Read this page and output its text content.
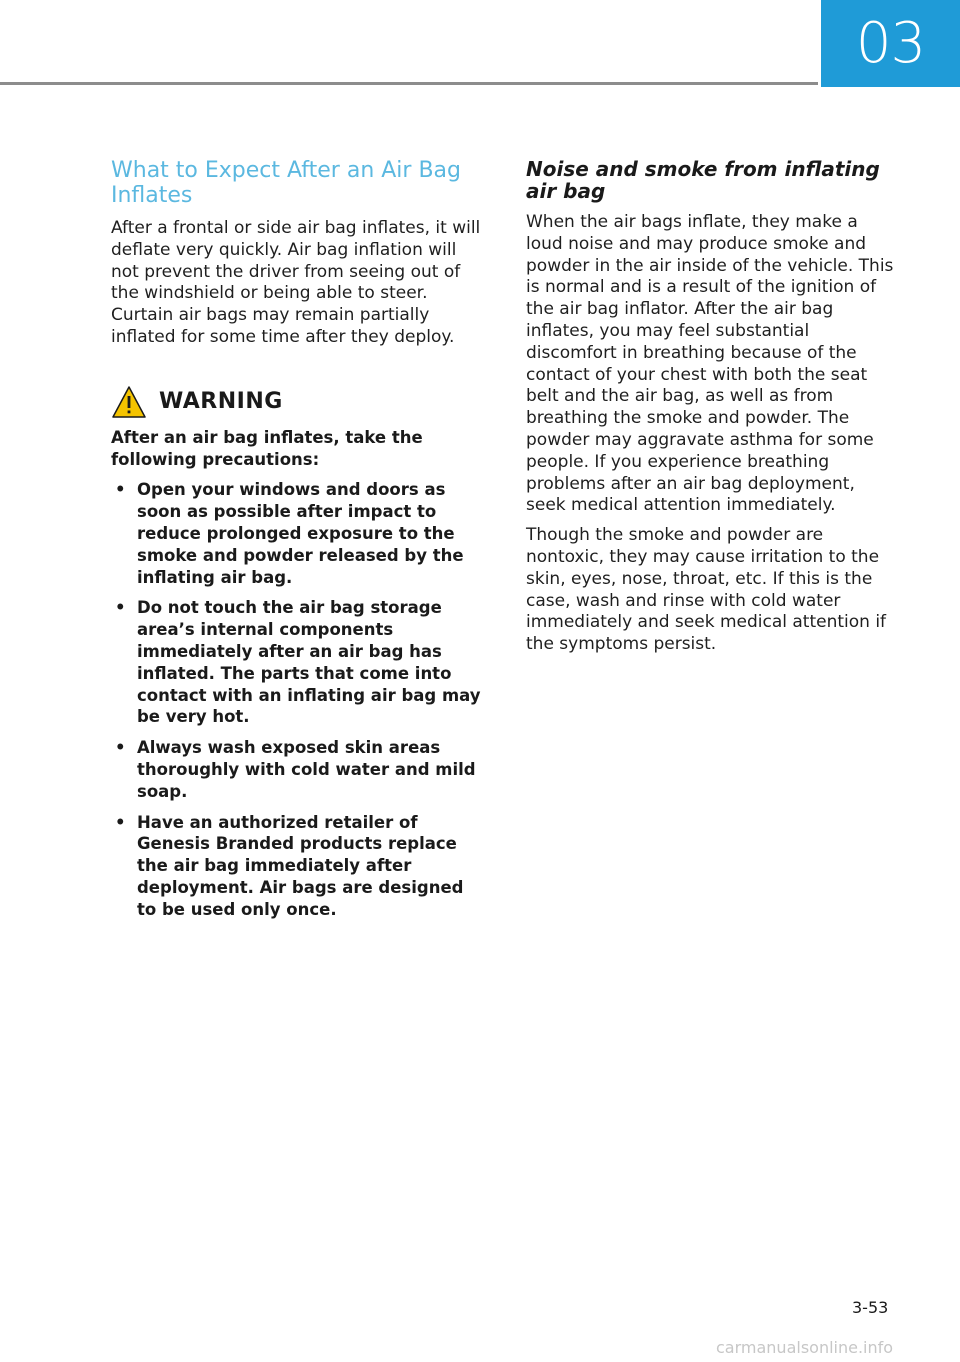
03
What to Expect After an Air Bag Inflates

After a frontal or side air bag inflates, it will deflate very quickly. Air bag inflation will not prevent the driver from seeing out of the windshield or being able to steer. Curtain air bags may remain partially inflated for some time after they deploy.

WARNING

After an air bag inflates, take the following precautions:

• Open your windows and doors as soon as possible after impact to reduce prolonged exposure to the smoke and powder released by the inflating air bag.
• Do not touch the air bag storage area’s internal components immediately after an air bag has inflated. The parts that come into contact with an inflating air bag may be very hot.
• Always wash exposed skin areas thoroughly with cold water and mild soap.
• Have an authorized retailer of Genesis Branded products replace the air bag immediately after deployment. Air bags are designed to be used only once.
Noise and smoke from inflating air bag

When the air bags inflate, they make a loud noise and may produce smoke and powder in the air inside of the vehicle. This is normal and is a result of the ignition of the air bag inflator. After the air bag inflates, you may feel substantial discomfort in breathing because of the contact of your chest with both the seat belt and the air bag, as well as from breathing the smoke and powder. The powder may aggravate asthma for some people. If you experience breathing problems after an air bag deployment, seek medical attention immediately.

Though the smoke and powder are nontoxic, they may cause irritation to the skin, eyes, nose, throat, etc. If this is the case, wash and rinse with cold water immediately and seek medical attention if the symptoms persist.

3-53
carmanualsonline.info
